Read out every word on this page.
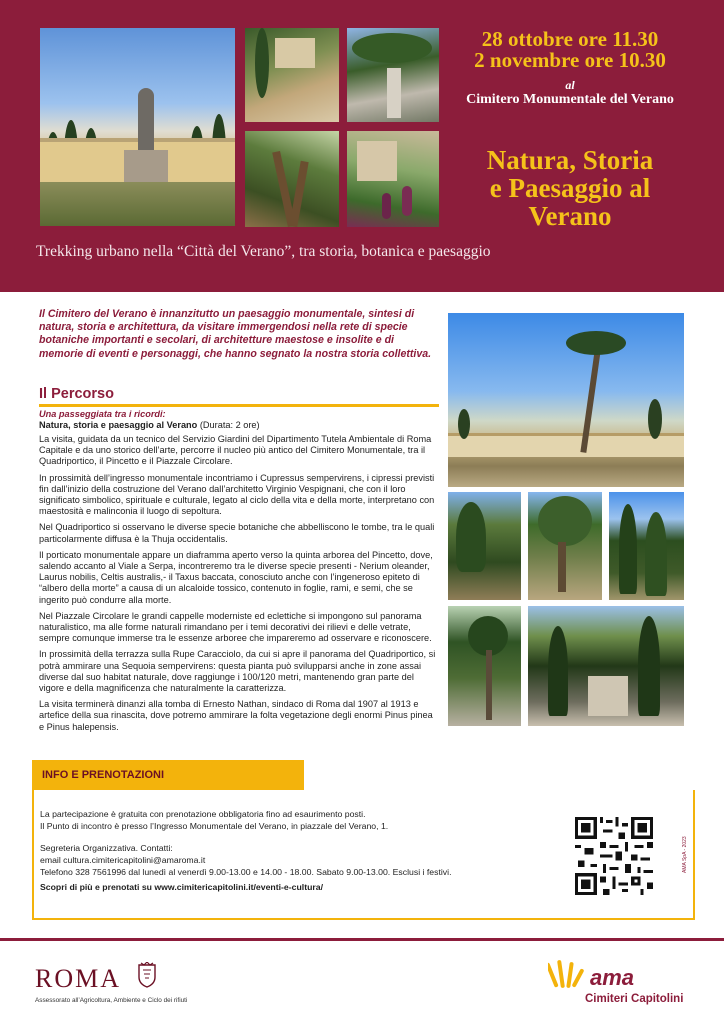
28 ottobre ore 11.30
2 novembre ore 10.30
al
Cimitero Monumentale del Verano
Natura, Storia
e Paesaggio al
Verano
Trekking urbano nella “Città del Verano”, tra storia, botanica e paesaggio
Il Cimitero del Verano è innanzitutto un paesaggio monumentale, sintesi di natura, storia e architettura, da visitare immergendosi nella rete di specie botaniche importanti e secolari, di architetture maestose e insolite e di memorie di eventi e personaggi, che hanno segnato la nostra storia collettiva.
Il Percorso
Una passeggiata tra i ricordi:
Natura, storia e paesaggio al Verano (Durata: 2 ore)

La visita, guidata da un tecnico del Servizio Giardini del Dipartimento Tutela Ambientale di Roma Capitale e da uno storico dell’arte, percorre il nucleo più antico del Cimitero Monumentale, tra il Quadriportico, il Pincetto e il Piazzale Circolare.

In prossimità dell’ingresso monumentale incontriamo i Cupressus sempervirens, i cipressi previsti fin dall’inizio della costruzione del Verano dall’architetto Virginio Vespignani, che con il loro significato simbolico, spirituale e culturale, legato al ciclo della vita e della morte, interpretano con maestosità e malinconia il luogo di sepoltura.

Nel Quadriportico si osservano le diverse specie botaniche che abbelliscono le tombe, tra le quali particolarmente diffusa è la Thuja occidentalis.

Il porticato monumentale appare un diaframma aperto verso la quinta arborea del Pincetto, dove, salendo accanto al Viale a Serpa, incontreremo tra le diverse specie presenti - Nerium oleander, Laurus nobilis, Celtis australis,- il Taxus baccata, conosciuto anche con l’ingeneroso epiteto di “albero della morte” a causa di un alcaloide tossico, contenuto in foglie, rami, e semi, che se ingerito può condurre alla morte.

Nel Piazzale Circolare le grandi cappelle moderniste ed eclettiche si impongono sul panorama naturalistico, ma alle forme naturali rimandano per i temi decorativi dei rilievi e delle vetrate, sempre comunque immerse tra le essenze arboree che impareremo ad osservare e riconoscere.

In prossimità della terrazza sulla Rupe Caracciolo, da cui si apre il panorama del Quadriportico, si potrà ammirare una Sequoia sempervirens: questa pianta può svilupparsi anche in zone assai diverse dal suo habitat naturale, dove raggiunge i 100/120 metri, mantenendo gran parte del vigore e della magnificenza che naturalmente la caratterizza.

La visita terminerà dinanzi alla tomba di Ernesto Nathan, sindaco di Roma dal 1907 al 1913 e artefice della sua rinascita, dove potremo ammirare la folta vegetazione degli enormi Pinus pinea e Pinus halepensis.

INFO E PRENOTAZIONI
La partecipazione è gratuita con prenotazione obbligatoria fino ad esaurimento posti.
Il Punto di incontro è presso l’Ingresso Monumentale del Verano, in piazzale del Verano, 1.
Segreteria Organizzativa. Contatti:
email cultura.cimitericapitolini@amaroma.it
Telefono 328 7561996 dal lunedì al venerdì 9.00-13.00 e 14.00 - 18.00. Sabato 9.00-13.00. Esclusi i festivi.
Scopri di più e prenotati su www.cimitericapitolini.it/eventi-e-cultura/
AMA SpA - 2023
ROMA
Assessorato all’Agricoltura, Ambiente e Ciclo dei rifiuti
ama
Cimiteri Capitolini
